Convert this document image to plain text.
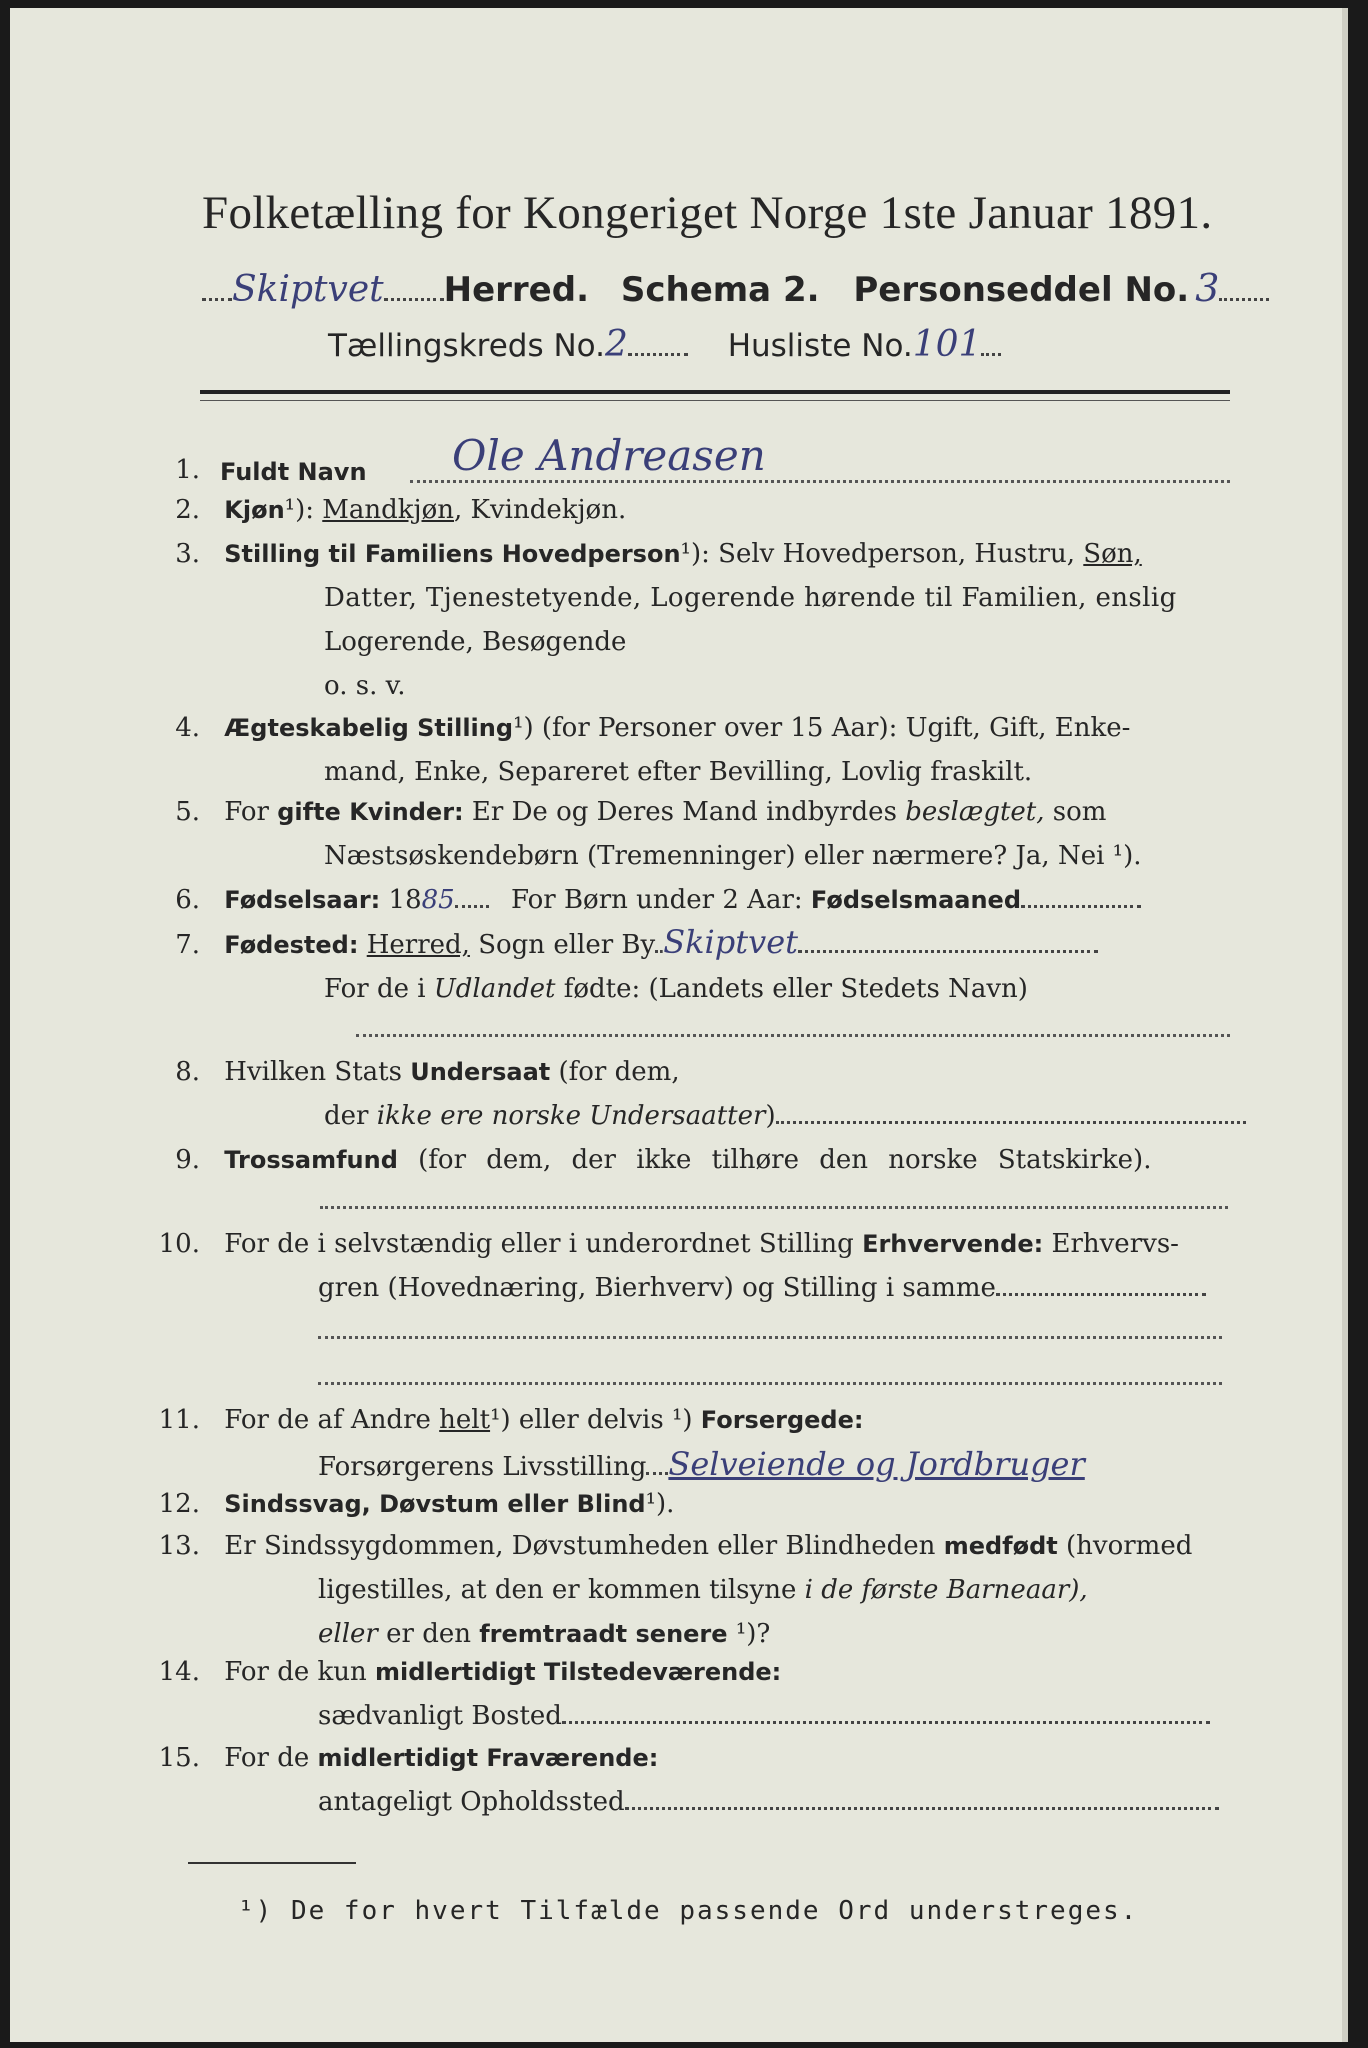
Folketælling for Kongeriget Norge 1ste Januar 1891.
Skiptvet Herred. Schema 2. Personseddel No. 3
Tællingskreds No.2	Husliste No.101
1. Fuldt Navn Ole Andreasen
2. Kjøn¹): Mandkjøn, Kvindekjøn.
3. Stilling til Familiens Hovedperson¹): Selv Hovedperson, Hustru, Søn,
Datter, Tjenestetyende, Logerende hørende til Familien, enslig
Logerende, Besøgende
o. s. v.
4. Ægteskabelig Stilling¹) (for Personer over 15 Aar): Ugift, Gift, Enke-
mand, Enke, Separeret efter Bevilling, Lovlig fraskilt.
5. For gifte Kvinder: Er De og Deres Mand indbyrdes beslægtet, som
Næstsøskendebørn (Tremenninger) eller nærmere? Ja, Nei ¹).
6. Fødselsaar: 1885 For Børn under 2 Aar: Fødselsmaaned
7. Fødested: Herred, Sogn eller By Skiptvet
For de i Udlandet fødte: (Landets eller Stedets Navn)
8. Hvilken Stats Undersaat (for dem,
der ikke ere norske Undersaatter)
9. Trossamfund (for dem, der ikke tilhøre den norske Statskirke).
10. For de i selvstændig eller i underordnet Stilling Erhvervende: Erhvervs-
gren (Hovednæring, Bierhverv) og Stilling i samme
11. For de af Andre helt¹) eller delvis ¹) Forsergede:
Forsørgerens Livsstilling Selveiende og Jordbruger
12. Sindssvag, Døvstum eller Blind¹).
13. Er Sindssygdommen, Døvstumheden eller Blindheden medfødt (hvormed
ligestilles, at den er kommen tilsyne i de første Barneaar),
eller er den fremtraadt senere ¹)?
14. For de kun midlertidigt Tilstedeværende:
sædvanligt Bosted
15. For de midlertidigt Fraværende:
antageligt Opholdssted
¹) De for hvert Tilfælde passende Ord understreges.
